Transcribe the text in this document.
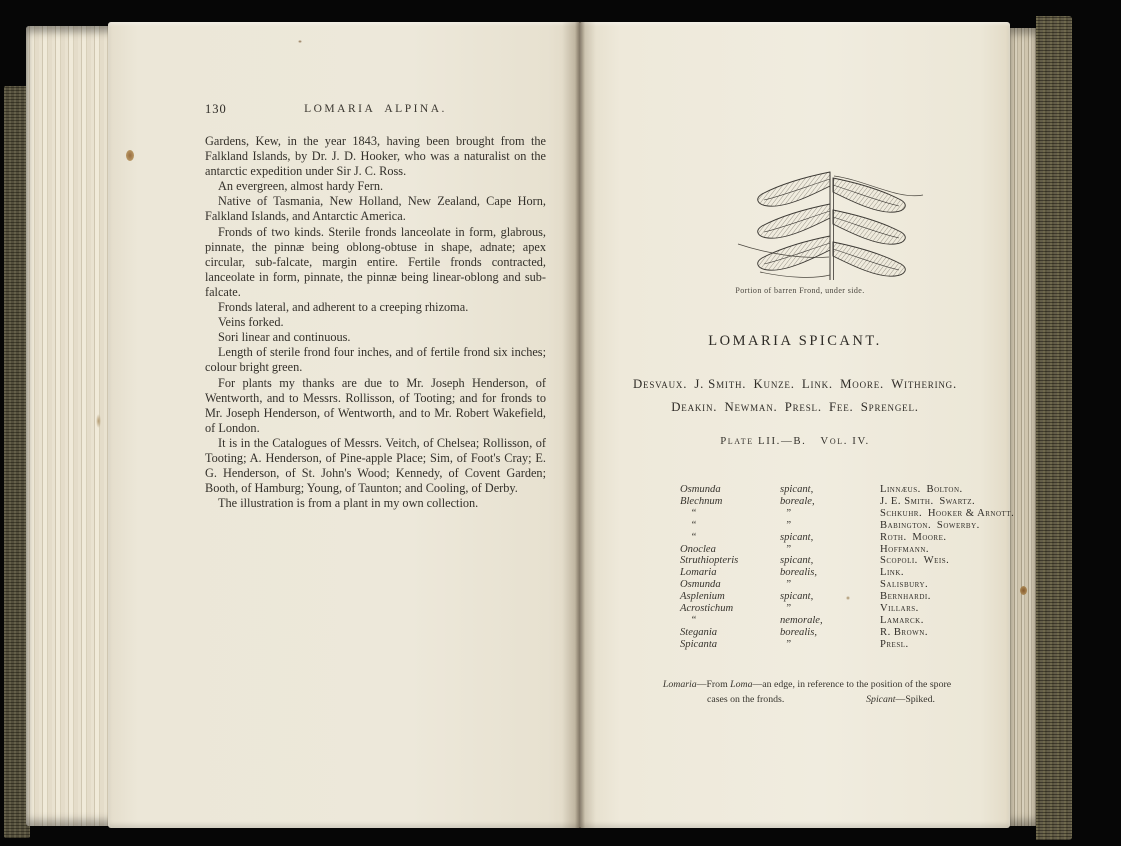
130	LOMARIA ALPINA.

Gardens, Kew, in the year 1843, having been brought from the Falkland Islands, by Dr. J. D. Hooker, who was a naturalist on the antarctic expedition under Sir J. C. Ross.

An evergreen, almost hardy Fern.

Native of Tasmania, New Holland, New Zealand, Cape Horn, Falkland Islands, and Antarctic America.

Fronds of two kinds. Sterile fronds lanceolate in form, glabrous, pinnate, the pinnæ being oblong-obtuse in shape, adnate; apex circular, sub-falcate, margin entire. Fertile fronds contracted, lanceolate in form, pinnate, the pinnæ being linear-oblong and sub-falcate.

Fronds lateral, and adherent to a creeping rhizoma.

Veins forked.

Sori linear and continuous.

Length of sterile frond four inches, and of fertile frond six inches; colour bright green.

For plants my thanks are due to Mr. Joseph Henderson, of Wentworth, and to Messrs. Rollisson, of Tooting; and for fronds to Mr. Joseph Henderson, of Wentworth, and to Mr. Robert Wakefield, of London.

It is in the Catalogues of Messrs. Veitch, of Chelsea; Rollisson, of Tooting; A. Henderson, of Pine-apple Place; Sim, of Foot's Cray; E. G. Henderson, of St. John's Wood; Kennedy, of Covent Garden; Booth, of Hamburg; Young, of Taunton; and Cooling, of Derby.

The illustration is from a plant in my own collection.

Portion of barren Frond, under side.
LOMARIA SPICANT.
Desvaux. J. Smith. Kunze. Link. Moore. Withering.
Deakin. Newman. Presl. Fee. Sprengel.
Plate LII.—B.  Vol. IV.
Osmunda	spicant,	Linnæus. Bolton.
Blechnum	boreale,	J. E. Smith. Swartz.
“	”	Schkuhr. Hooker & Arnott.
“	”	Babington. Sowerby.
“	spicant,	Roth. Moore.
Onoclea	”	Hoffmann.
Struthiopteris	spicant,	Scopoli. Weis.
Lomaria	borealis,	Link.
Osmunda	”	Salisbury.
Asplenium	spicant,	Bernhardi.
Acrostichum	”	Villars.
“	nemorale,	Lamarck.
Stegania	borealis,	R. Brown.
Spicanta	”	Presl.
Lomaria—From Loma—an edge, in reference to the position of the spore
cases on the fronds.	Spicant—Spiked.
